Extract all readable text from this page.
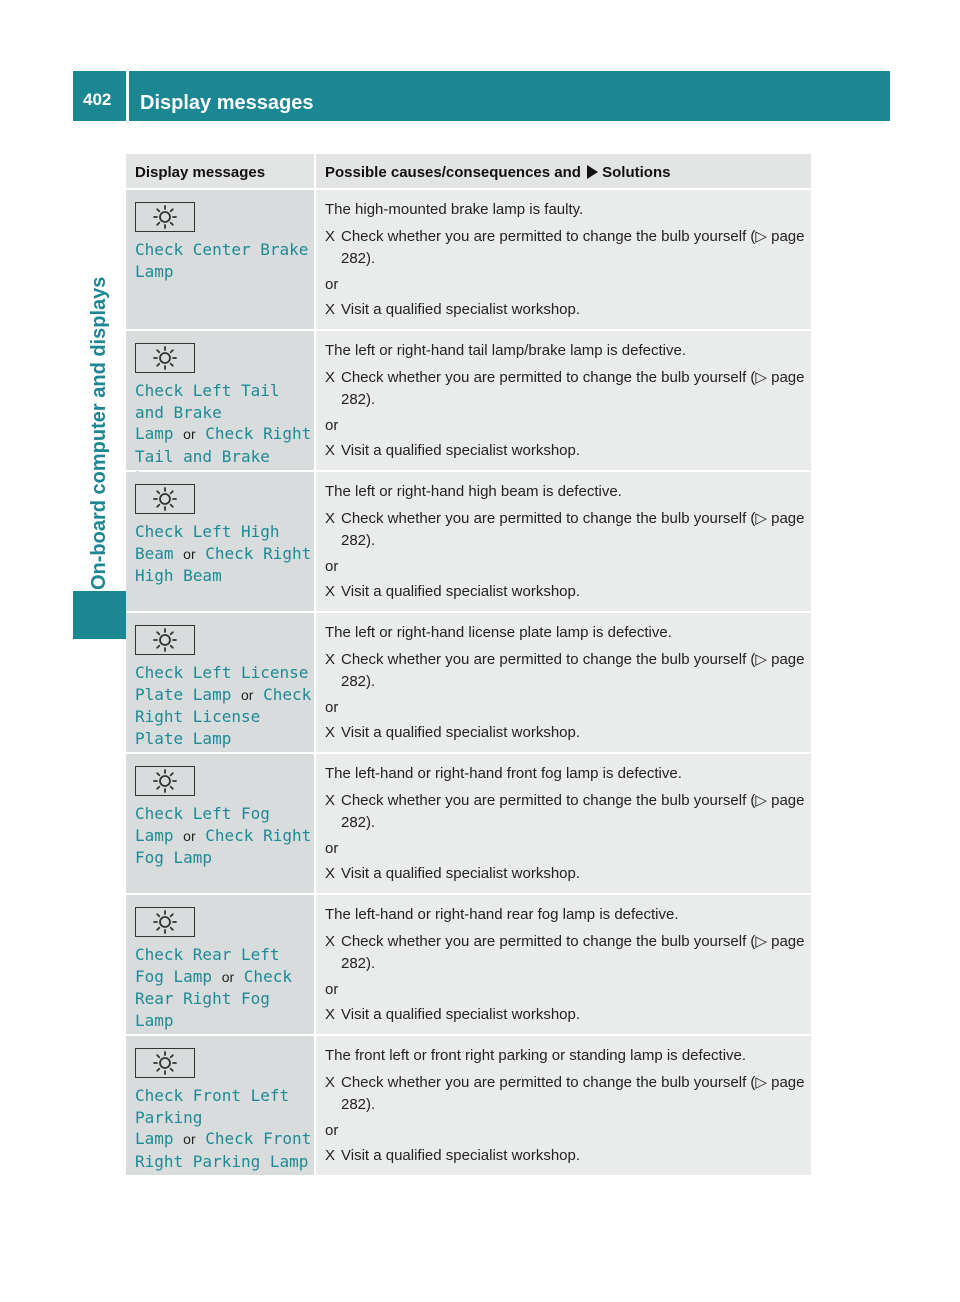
402	Display messages
On-board computer and displays
Display messages	Possible causes/consequences and Solutions
Check Center Brake
Lamp
The high-mounted brake lamp is faulty.
X Check whether you are permitted to change the bulb yourself (▷ page 282).
or
X Visit a qualified specialist workshop.
Check Left Tail
and Brake
Lamp or Check Right
Tail and Brake
The left or right-hand tail lamp/brake lamp is defective.
X Check whether you are permitted to change the bulb yourself (▷ page 282).
or
X Visit a qualified specialist workshop.
Check Left High
Beam or Check Right
High Beam
The left or right-hand high beam is defective.
X Check whether you are permitted to change the bulb yourself (▷ page 282).
or
X Visit a qualified specialist workshop.
Check Left License
Plate Lamp or Check
Right License
Plate Lamp
The left or right-hand license plate lamp is defective.
X Check whether you are permitted to change the bulb yourself (▷ page 282).
or
X Visit a qualified specialist workshop.
Check Left Fog
Lamp or Check Right
Fog Lamp
The left-hand or right-hand front fog lamp is defective.
X Check whether you are permitted to change the bulb yourself (▷ page 282).
or
X Visit a qualified specialist workshop.
Check Rear Left
Fog Lamp or Check
Rear Right Fog Lamp
The left-hand or right-hand rear fog lamp is defective.
X Check whether you are permitted to change the bulb yourself (▷ page 282).
or
X Visit a qualified specialist workshop.
Check Front Left
Parking
Lamp or Check Front
Right Parking Lamp
The front left or front right parking or standing lamp is defective.
X Check whether you are permitted to change the bulb yourself (▷ page 282).
or
X Visit a qualified specialist workshop.
